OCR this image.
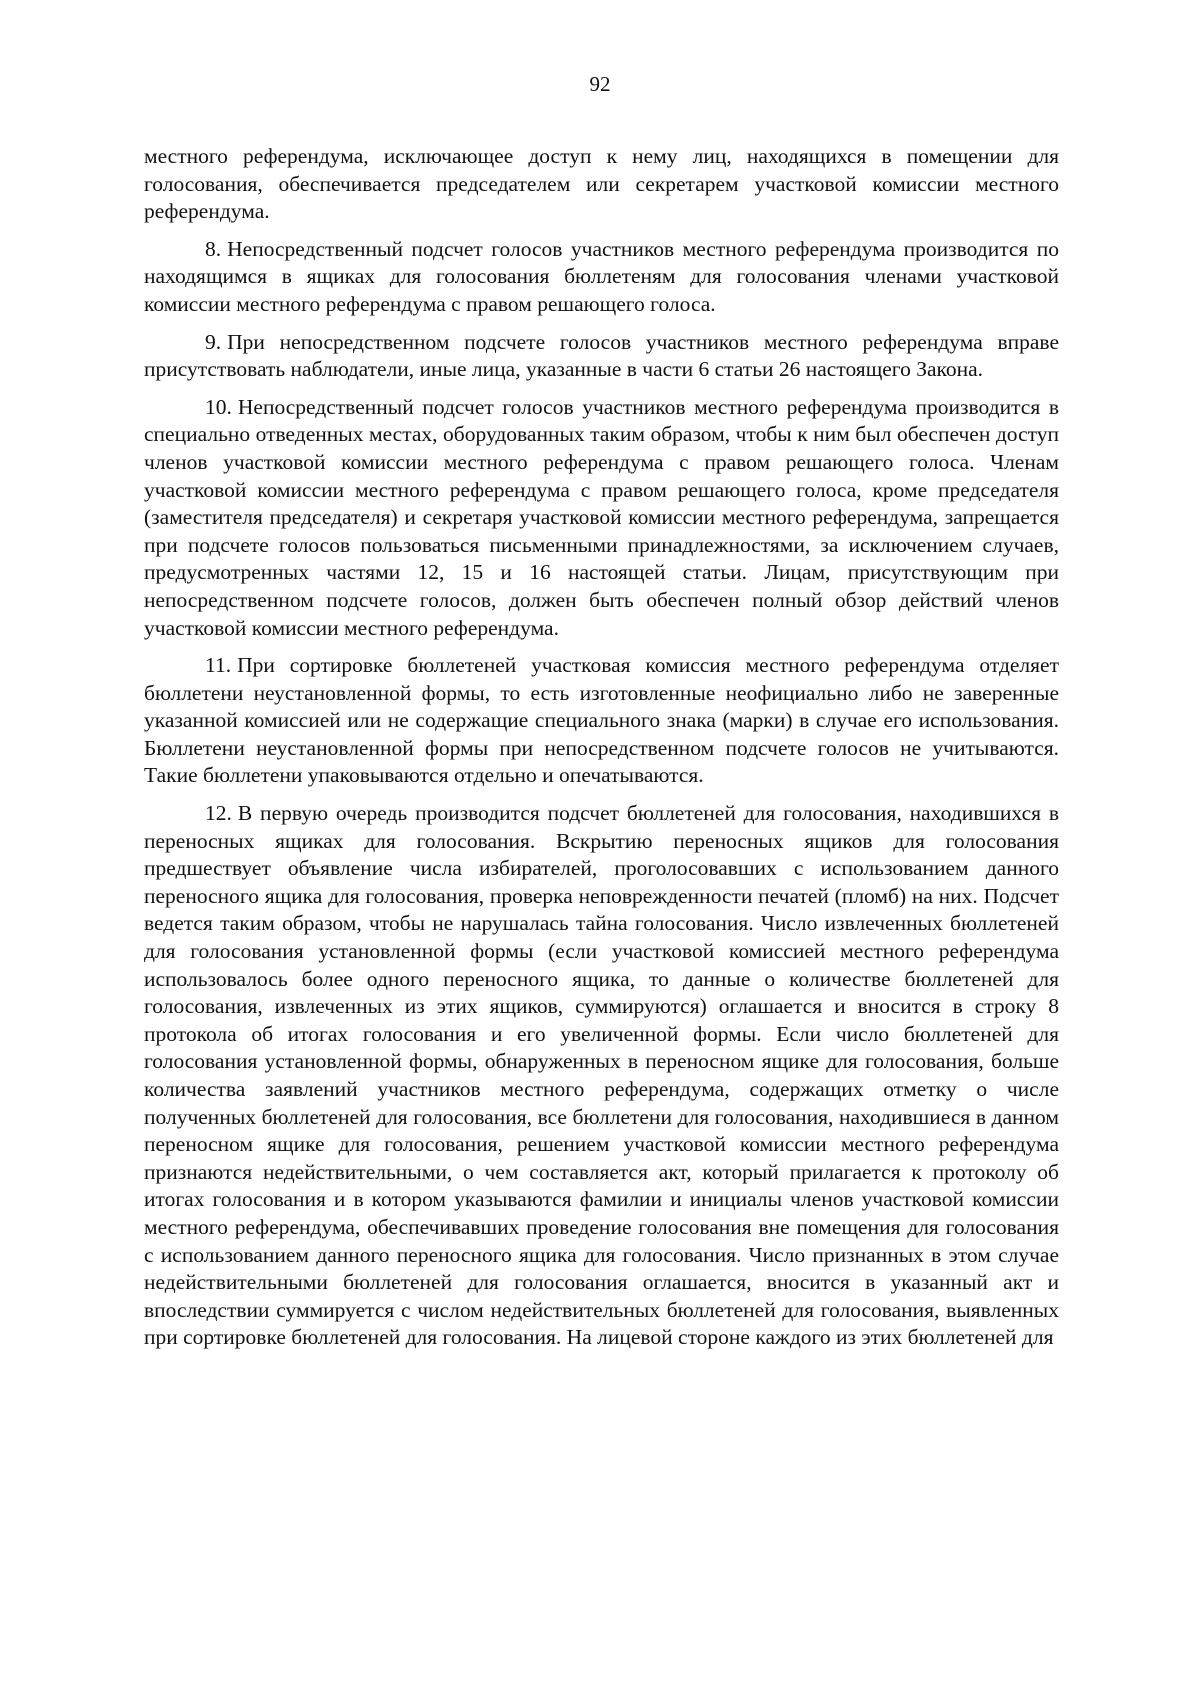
92

местного референдума, исключающее доступ к нему лиц, находящихся в помещении для голосования, обеспечивается председателем или секретарем участковой комиссии местного референдума.

8. Непосредственный подсчет голосов участников местного референдума производится по находящимся в ящиках для голосования бюллетеням для голосования членами участковой комиссии местного референдума с правом решающего голоса.

9. При непосредственном подсчете голосов участников местного референдума вправе присутствовать наблюдатели, иные лица, указанные в части 6 статьи 26 настоящего Закона.

10. Непосредственный подсчет голосов участников местного референдума производится в специально отведенных местах, оборудованных таким образом, чтобы к ним был обеспечен доступ членов участковой комиссии местного референдума с правом решающего голоса. Членам участковой комиссии местного референдума с правом решающего голоса, кроме председателя (заместителя председателя) и секретаря участковой комиссии местного референдума, запрещается при подсчете голосов пользоваться письменными принадлежностями, за исключением случаев, предусмотренных частями 12, 15 и 16 настоящей статьи. Лицам, присутствующим при непосредственном подсчете голосов, должен быть обеспечен полный обзор действий членов участковой комиссии местного референдума.

11. При сортировке бюллетеней участковая комиссия местного референдума отделяет бюллетени неустановленной формы, то есть изготовленные неофициально либо не заверенные указанной комиссией или не содержащие специального знака (марки) в случае его использования. Бюллетени неустановленной формы при непосредственном подсчете голосов не учитываются. Такие бюллетени упаковываются отдельно и опечатываются.

12. В первую очередь производится подсчет бюллетеней для голосования, находившихся в переносных ящиках для голосования. Вскрытию переносных ящиков для голосования предшествует объявление числа избирателей, проголосовавших с использованием данного переносного ящика для голосования, проверка неповрежденности печатей (пломб) на них. Подсчет ведется таким образом, чтобы не нарушалась тайна голосования. Число извлеченных бюллетеней для голосования установленной формы (если участковой комиссией местного референдума использовалось более одного переносного ящика, то данные о количестве бюллетеней для голосования, извлеченных из этих ящиков, суммируются) оглашается и вносится в строку 8 протокола об итогах голосования и его увеличенной формы. Если число бюллетеней для голосования установленной формы, обнаруженных в переносном ящике для голосования, больше количества заявлений участников местного референдума, содержащих отметку о числе полученных бюллетеней для голосования, все бюллетени для голосования, находившиеся в данном переносном ящике для голосования, решением участковой комиссии местного референдума признаются недействительными, о чем составляется акт, который прилагается к протоколу об итогах голосования и в котором указываются фамилии и инициалы членов участковой комиссии местного референдума, обеспечивавших проведение голосования вне помещения для голосования с использованием данного переносного ящика для голосования. Число признанных в этом случае недействительными бюллетеней для голосования оглашается, вносится в указанный акт и впоследствии суммируется с числом недействительных бюллетеней для голосования, выявленных при сортировке бюллетеней для голосования. На лицевой стороне каждого из этих бюллетеней для
